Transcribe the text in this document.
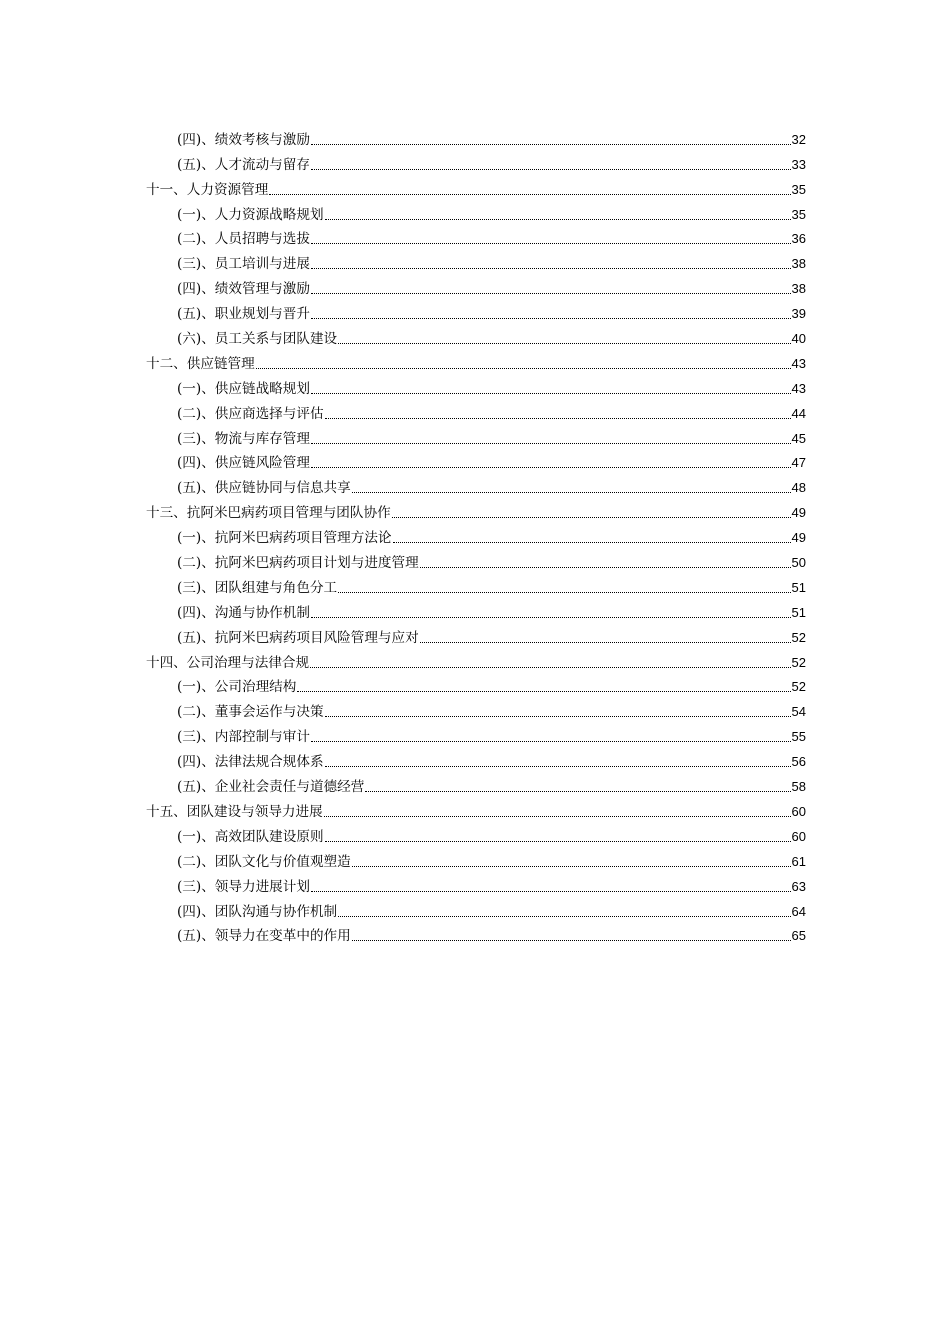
(四)、绩效考核与激励	32
(五)、人才流动与留存	33
十一、人力资源管理	35
(一)、人力资源战略规划	35
(二)、人员招聘与选拔	36
(三)、员工培训与进展	38
(四)、绩效管理与激励	38
(五)、职业规划与晋升	39
(六)、员工关系与团队建设	40
十二、供应链管理	43
(一)、供应链战略规划	43
(二)、供应商选择与评估	44
(三)、物流与库存管理	45
(四)、供应链风险管理	47
(五)、供应链协同与信息共享	48
十三、抗阿米巴病药项目管理与团队协作	49
(一)、抗阿米巴病药项目管理方法论	49
(二)、抗阿米巴病药项目计划与进度管理	50
(三)、团队组建与角色分工	51
(四)、沟通与协作机制	51
(五)、抗阿米巴病药项目风险管理与应对	52
十四、公司治理与法律合规	52
(一)、公司治理结构	52
(二)、董事会运作与决策	54
(三)、内部控制与审计	55
(四)、法律法规合规体系	56
(五)、企业社会责任与道德经营	58
十五、团队建设与领导力进展	60
(一)、高效团队建设原则	60
(二)、团队文化与价值观塑造	61
(三)、领导力进展计划	63
(四)、团队沟通与协作机制	64
(五)、领导力在变革中的作用	65
